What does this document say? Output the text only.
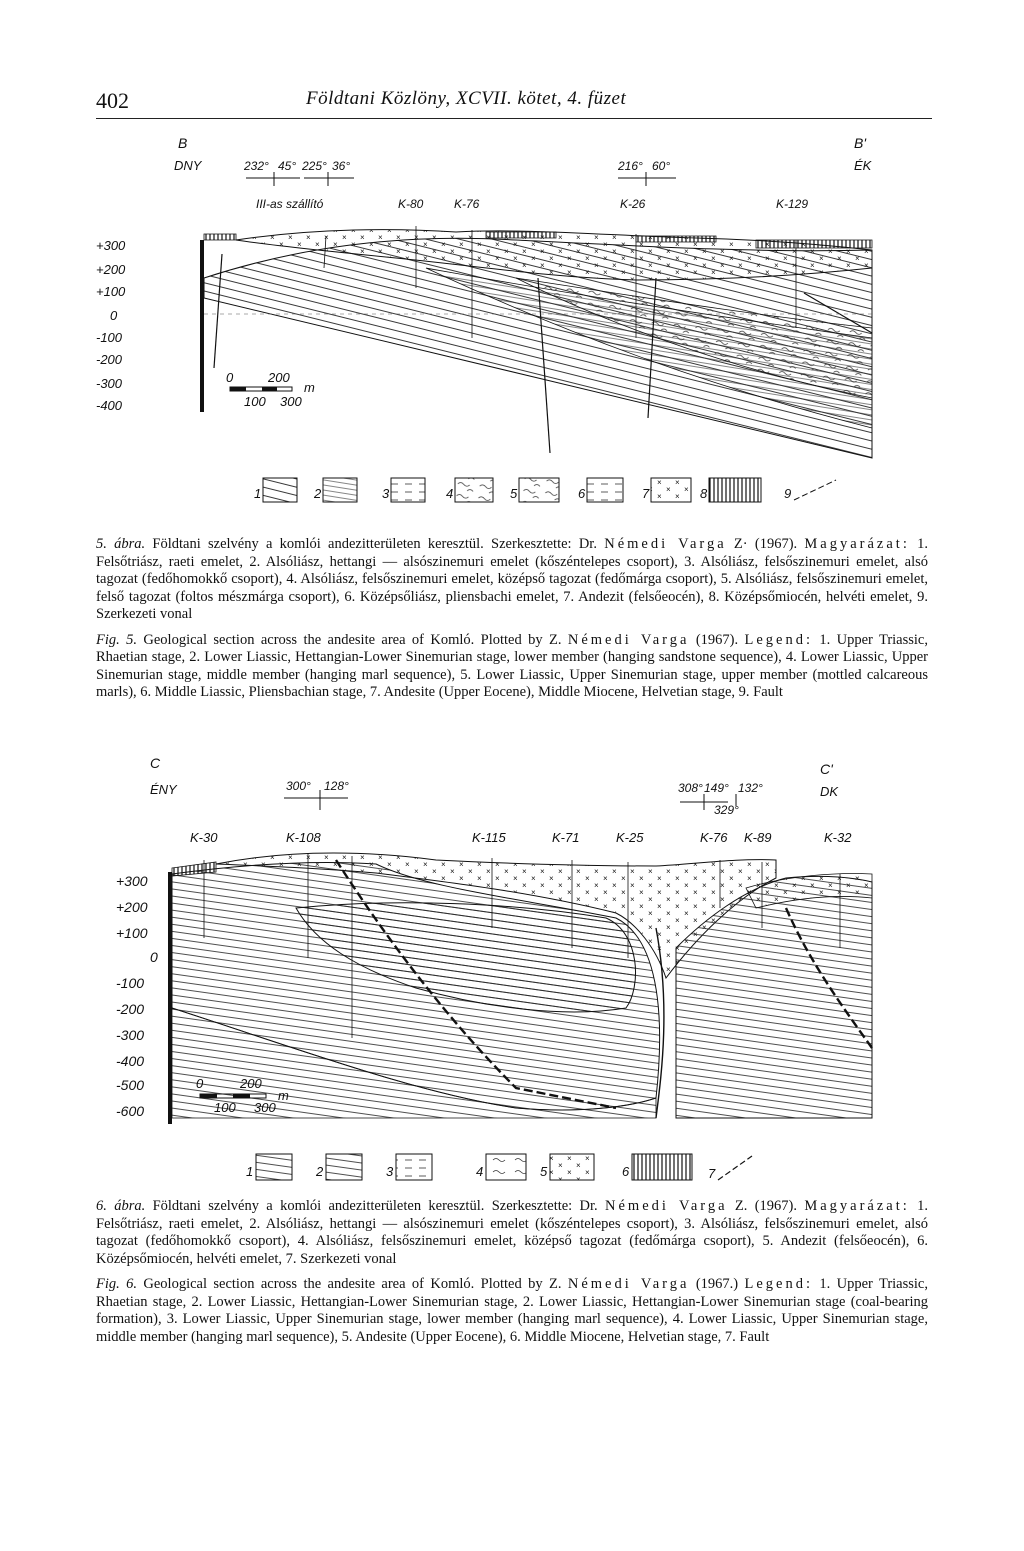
402	Földtani Közlöny, XCVII. kötet, 4. füzet
B
DNY
B'
ÉK
232° 45° 225° 36°	216° 60°
III-as szállító	K-80	K-76	K-26	K-129
+300
+200
+100
0
-100
-200
-300
-400
0	200
100 300
m
1	2	3	4	5	6	7	8	9

5. ábra. Földtani szelvény a komlói andezitterületen keresztül. Szerkesztette: Dr. Némedi Varga Z· (1967). Magyarázat: 1. Felsőtriász, raeti emelet, 2. Alsóliász, hettangi — alsószinemuri emelet (kőszéntelepes csoport), 3. Alsóliász, felsőszinemuri emelet, alsó tagozat (fedőhomokkő csoport), 4. Alsóliász, felsőszinemuri emelet, középső tagozat (fedőmárga csoport), 5. Alsóliász, felsőszinemuri emelet, felső tagozat (foltos mészmárga csoport), 6. Középsőliász, pliensbachi emelet, 7. Andezit (felsőeocén), 8. Középsőmiocén, helvéti emelet, 9. Szerkezeti vonal

Fig. 5. Geological section across the andesite area of Komló. Plotted by Z. Némedi Varga (1967). Legend: 1. Upper Triassic, Rhaetian stage, 2. Lower Liassic, Hettangian-Lower Sinemurian stage, lower member (hanging sandstone sequence), 4. Lower Liassic, Upper Sinemurian stage, middle member (hanging marl sequence), 5. Lower Liassic, Upper Sinemurian stage, upper member (mottled calcareous marls), 6. Middle Liassic, Pliensbachian stage, 7. Andesite (Upper Eocene), Middle Miocene, Helvetian stage, 9. Fault

C
ÉNY
C'
DK
300° 128°	308° 149° 132°
329°
K-30	K-108	K-115	K-71	K-25	K-76 K-89	K-32
+300
+200
+100
0
-100
-200
-300
-400
-500
-600
0	200
100 300
m
1	2	3	4	5	6	7

6. ábra. Földtani szelvény a komlói andezitterületen keresztül. Szerkesztette: Dr. Némedi Varga Z. (1967). Magyarázat: 1. Felsőtriász, raeti emelet, 2. Alsóliász, hettangi — alsószinemuri emelet (kőszéntelepes csoport), 3. Alsóliász, felsőszinemuri emelet, alsó tagozat (fedőhomokkő csoport), 4. Alsóliász, felsőszinemuri emelet, középső tagozat (fedőmárga csoport), 5. Andezit (felsőeocén), 6. Középsőmiocén, helvéti emelet, 7. Szerkezeti vonal

Fig. 6. Geological section across the andesite area of Komló. Plotted by Z. Némedi Varga (1967.) Legend: 1. Upper Triassic, Rhaetian stage, 2. Lower Liassic, Hettangian-Lower Sinemurian stage, 2. Lower Liassic, Hettangian-Lower Sinemurian stage (coal-bearing formation), 3. Lower Liassic, Upper Sinemurian stage, lower member (hanging marl sequence), 4. Lower Liassic, Upper Sinemurian stage, middle member (hanging marl sequence), 5. Andesite (Upper Eocene), 6. Middle Miocene, Helvetian stage, 7. Fault
